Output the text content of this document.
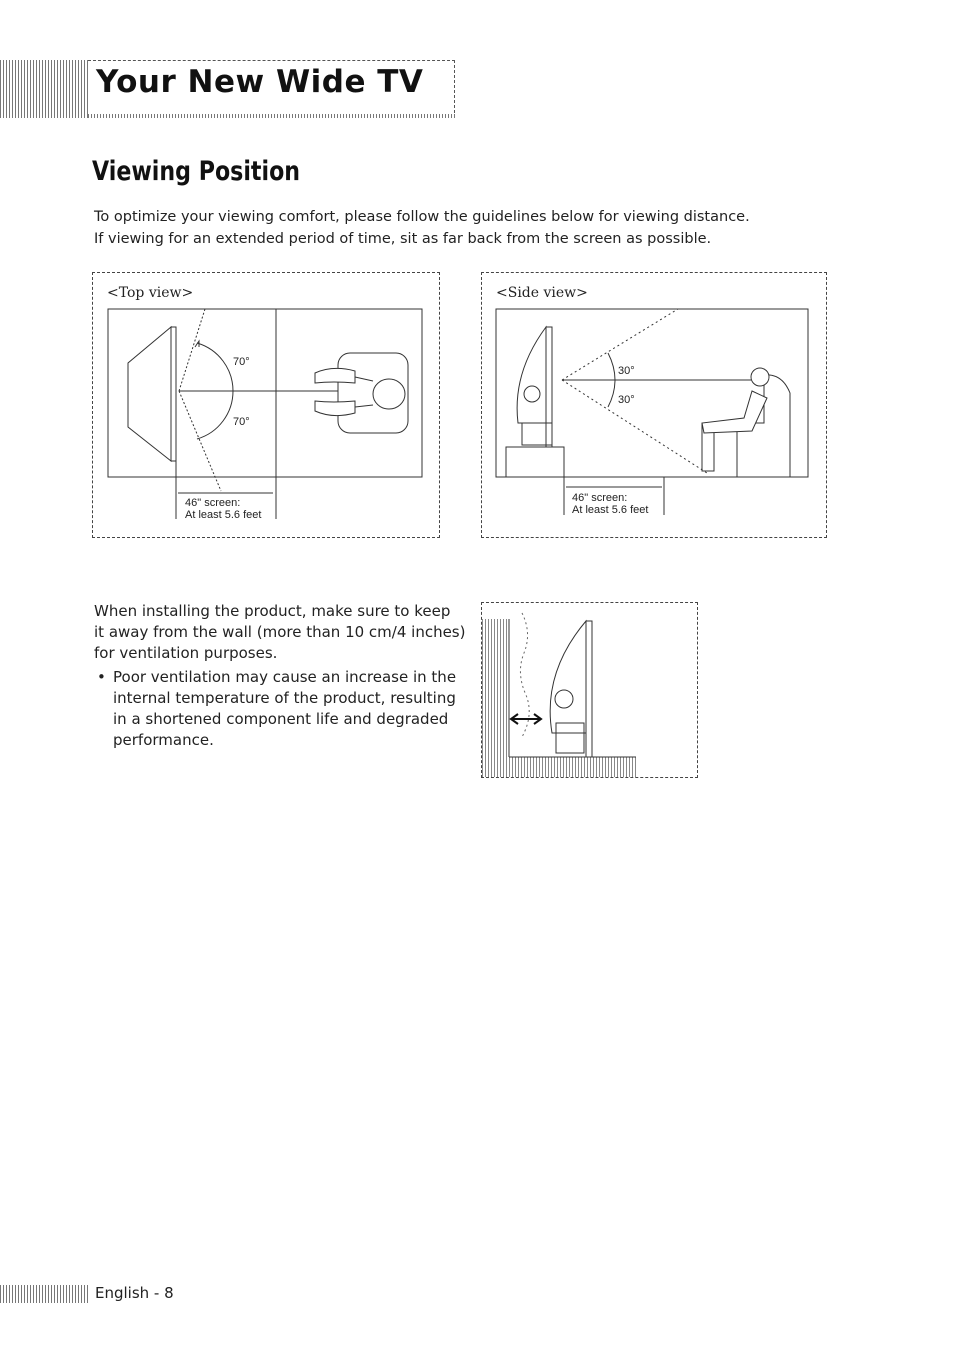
Your New Wide TV
Viewing Position

To optimize your viewing comfort, please follow the guidelines below for viewing distance.

If viewing for an extended period of time, sit as far back from the screen as possible.

70°
70°
46" screen:
At least 5.6 feet
<Top view>
30°
30°
46" screen:
At least 5.6 feet
<Side view>

When installing the product, make sure to keep

it away from the wall (more than 10 cm/4 inches)

for ventilation purposes.

• Poor ventilation may cause an increase in the

internal temperature of the product, resulting

in a shortened component life and degraded

performance.

English - 8
